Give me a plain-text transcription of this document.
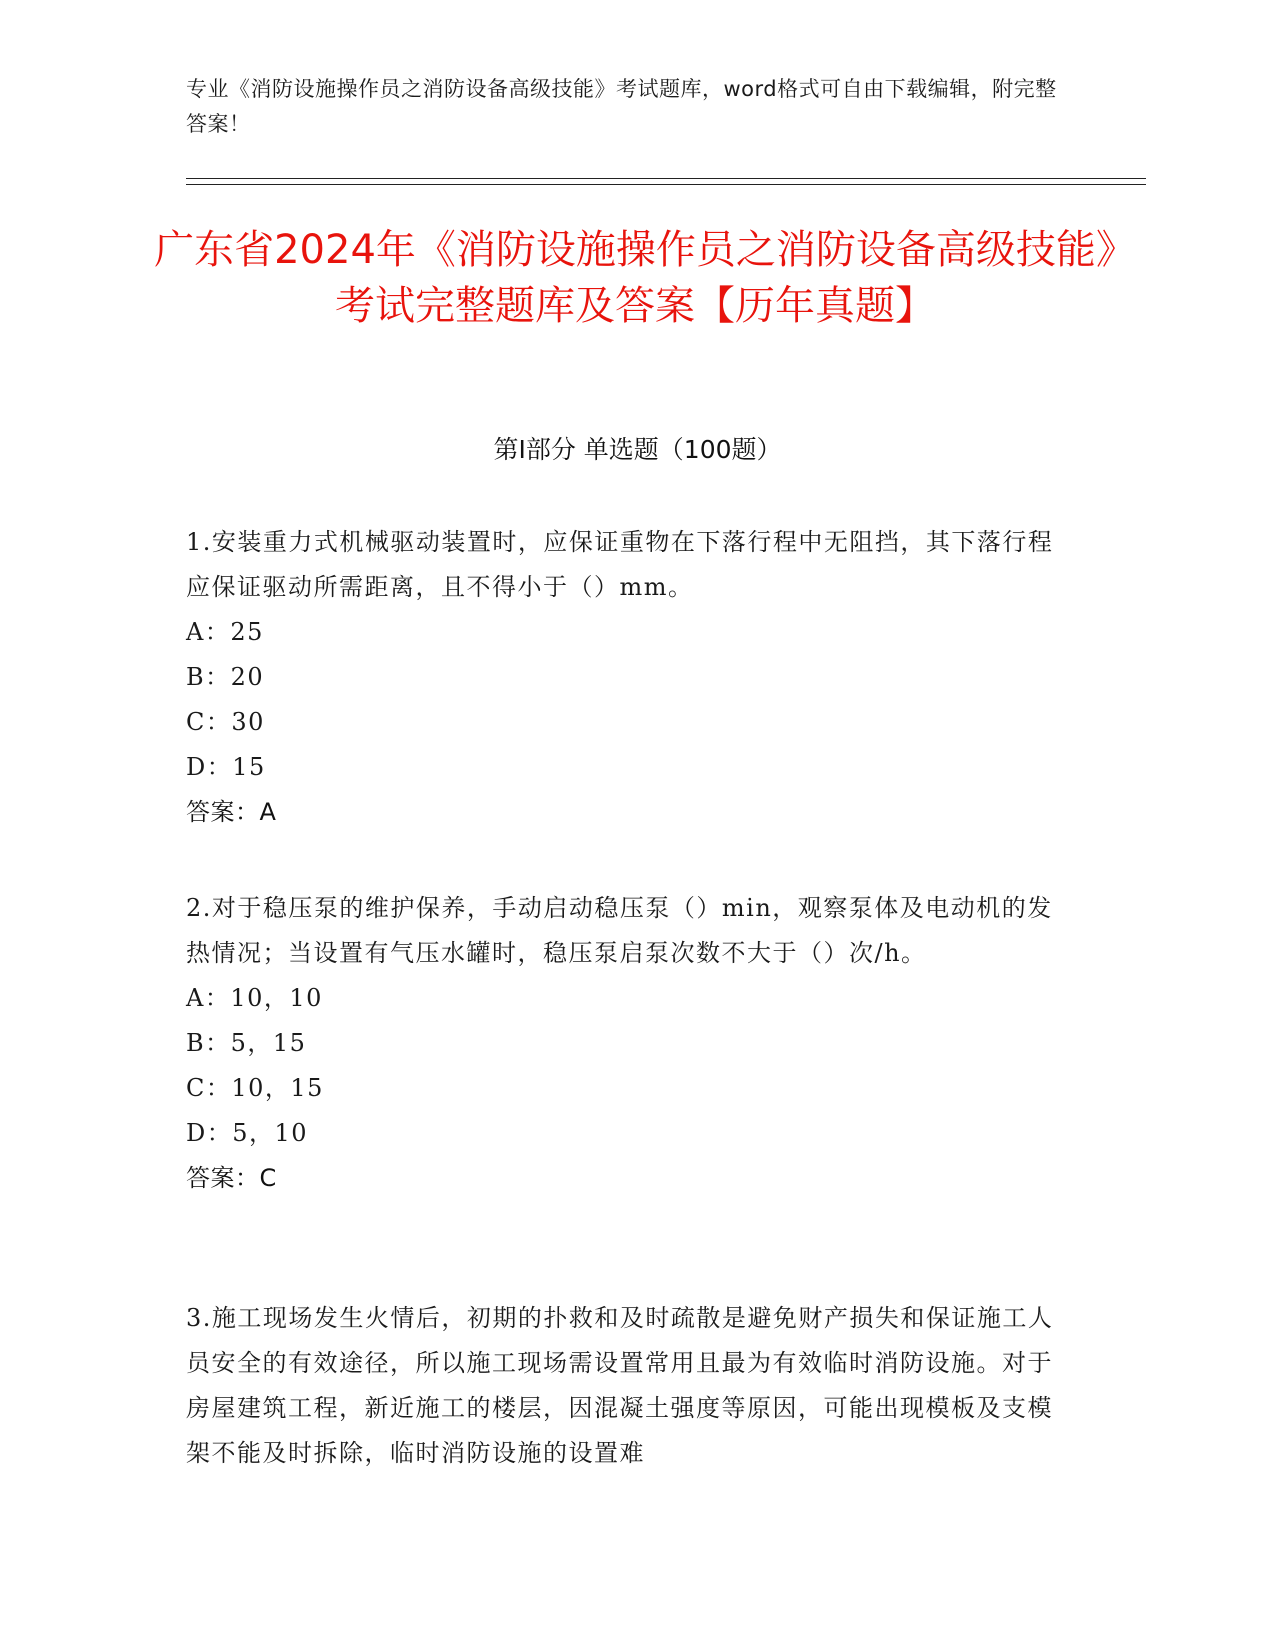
专业《消防设施操作员之消防设备高级技能》考试题库，word格式可自由下载编辑，附完整答案！
广东省2024年《消防设施操作员之消防设备高级技能》考试完整题库及答案【历年真题】
第I部分 单选题（100题）

1.安装重力式机械驱动装置时，应保证重物在下落行程中无阻挡，其下落行程应保证驱动所需距离，且不得小于（）mm。

A：25

B：20

C：30

D：15

答案：A

2.对于稳压泵的维护保养，手动启动稳压泵（）min，观察泵体及电动机的发热情况；当设置有气压水罐时，稳压泵启泵次数不大于（）次/h。

A：10，10

B：5，15

C：10，15

D：5，10

答案：C

3.施工现场发生火情后，初期的扑救和及时疏散是避免财产损失和保证施工人员安全的有效途径，所以施工现场需设置常用且最为有效临时消防设施。对于房屋建筑工程，新近施工的楼层，因混凝土强度等原因，可能出现模板及支模架不能及时拆除，临时消防设施的设置难
